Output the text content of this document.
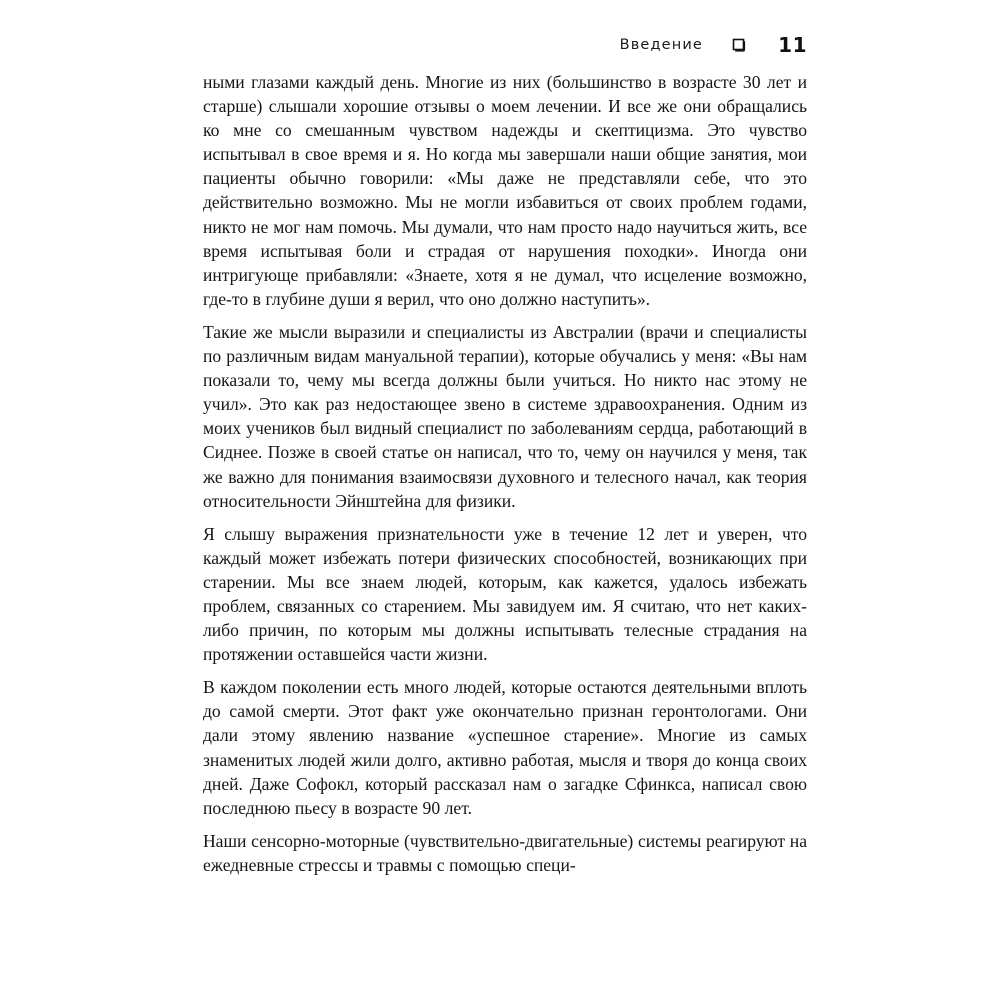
Введение	11

ными глазами каждый день. Многие из них (большинство в возрасте 30 лет и старше) слышали хорошие отзывы о моем лечении. И все же они обращались ко мне со смешанным чувством надежды и скептицизма. Это чувство испытывал в свое время и я. Но когда мы завершали наши общие занятия, мои пациенты обычно говорили: «Мы даже не представляли себе, что это действительно возможно. Мы не могли избавиться от своих проблем годами, никто не мог нам помочь. Мы думали, что нам просто надо научиться жить, все время испытывая боли и страдая от нарушения походки». Иногда они интригующе прибавляли: «Знаете, хотя я не думал, что исцеление возможно, где-то в глубине души я верил, что оно должно наступить».

Такие же мысли выразили и специалисты из Австралии (врачи и специалисты по различным видам мануальной терапии), которые обучались у меня: «Вы нам показали то, чему мы всегда должны были учиться. Но никто нас этому не учил». Это как раз недостающее звено в системе здравоохранения. Одним из моих учеников был видный специалист по заболеваниям сердца, работающий в Сиднее. Позже в своей статье он написал, что то, чему он научился у меня, так же важно для понимания взаимосвязи духовного и телесного начал, как теория относительности Эйнштейна для физики.

Я слышу выражения признательности уже в течение 12 лет и уверен, что каждый может избежать потери физических способностей, возникающих при старении. Мы все знаем людей, которым, как кажется, удалось избежать проблем, связанных со старением. Мы завидуем им. Я считаю, что нет каких-либо причин, по которым мы должны испытывать телесные страдания на протяжении оставшейся части жизни.

В каждом поколении есть много людей, которые остаются деятельными вплоть до самой смерти. Этот факт уже окончательно признан геронтологами. Они дали этому явлению название «успешное старение». Многие из самых знаменитых людей жили долго, активно работая, мысля и творя до конца своих дней. Даже Софокл, который рассказал нам о загадке Сфинкса, написал свою последнюю пьесу в возрасте 90 лет.

Наши сенсорно-моторные (чувствительно-двигательные) системы реагируют на ежедневные стрессы и травмы с помощью специ-
